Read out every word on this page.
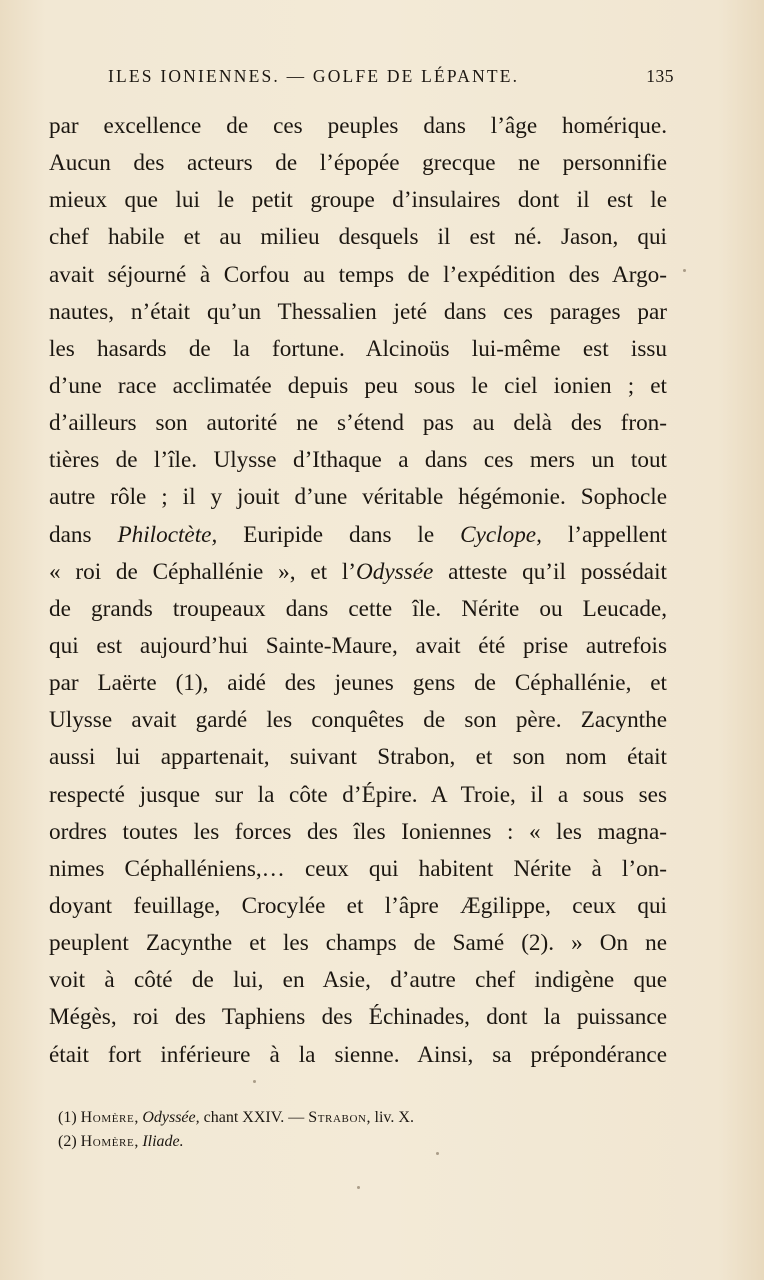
ILES IONIENNES. — GOLFE DE LÉPANTE.	135
par excellence de ces peuples dans l’âge homérique.
Aucun des acteurs de l’épopée grecque ne personnifie
mieux que lui le petit groupe d’insulaires dont il est le
chef habile et au milieu desquels il est né. Jason, qui
avait séjourné à Corfou au temps de l’expédition des Argo-
nautes, n’était qu’un Thessalien jeté dans ces parages par
les hasards de la fortune. Alcinoüs lui-même est issu
d’une race acclimatée depuis peu sous le ciel ionien ; et
d’ailleurs son autorité ne s’étend pas au delà des fron-
tières de l’île. Ulysse d’Ithaque a dans ces mers un tout
autre rôle ; il y jouit d’une véritable hégémonie. Sophocle
dans Philoctète, Euripide dans le Cyclope, l’appellent
« roi de Céphallénie », et l’Odyssée atteste qu’il possédait
de grands troupeaux dans cette île. Nérite ou Leucade,
qui est aujourd’hui Sainte-Maure, avait été prise autrefois
par Laërte (1), aidé des jeunes gens de Céphallénie, et
Ulysse avait gardé les conquêtes de son père. Zacynthe
aussi lui appartenait, suivant Strabon, et son nom était
respecté jusque sur la côte d’Épire. A Troie, il a sous ses
ordres toutes les forces des îles Ioniennes : « les magna-
nimes Céphalléniens,… ceux qui habitent Nérite à l’on-
doyant feuillage, Crocylée et l’âpre Ægilippe, ceux qui
peuplent Zacynthe et les champs de Samé (2). » On ne
voit à côté de lui, en Asie, d’autre chef indigène que
Mégès, roi des Taphiens des Échinades, dont la puissance
était fort inférieure à la sienne. Ainsi, sa prépondérance
(1) Homère, Odyssée, chant XXIV. — Strabon, liv. X.
(2) Homère, Iliade.
